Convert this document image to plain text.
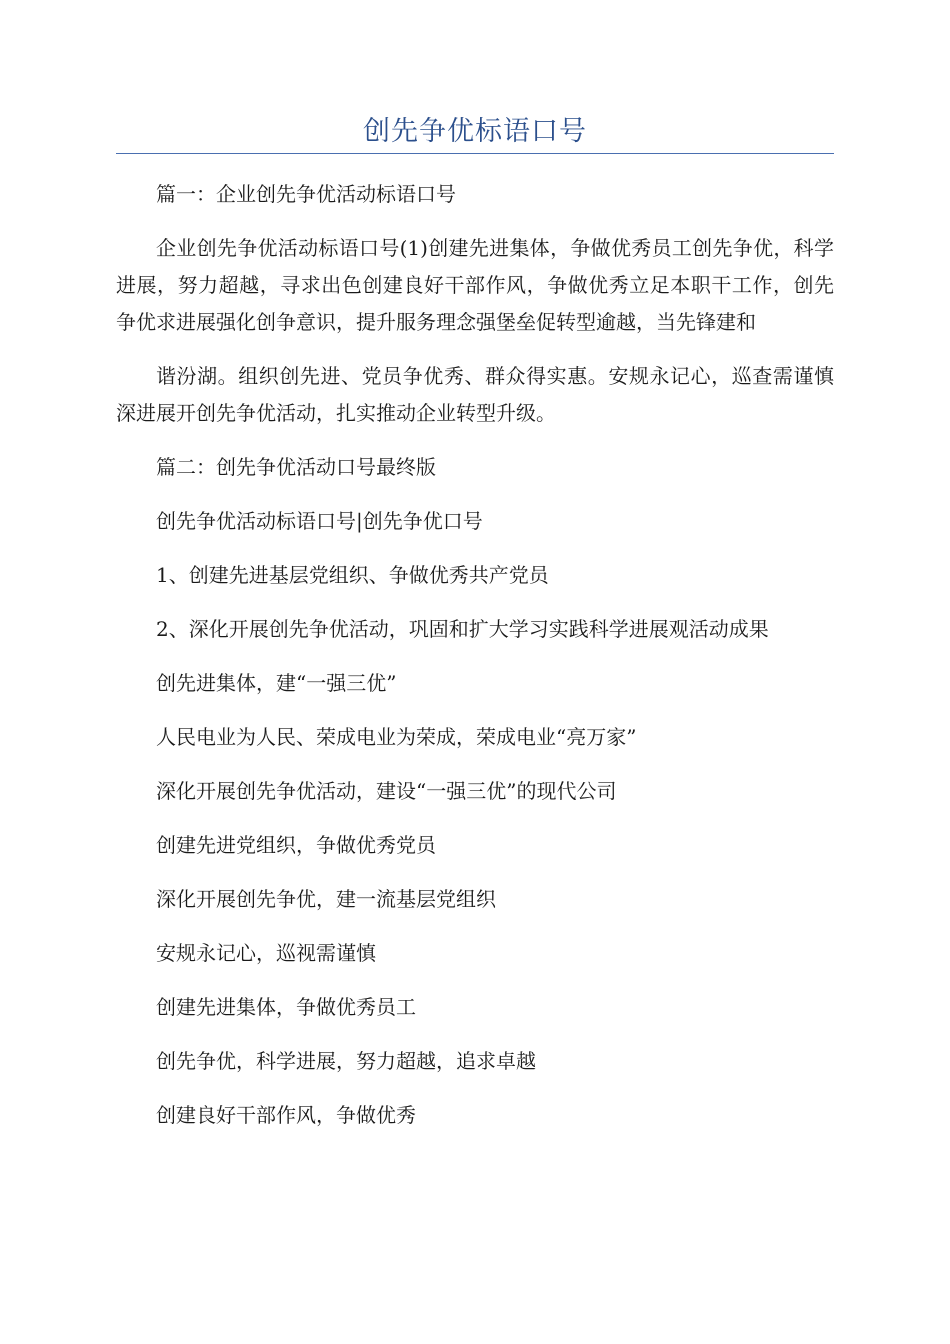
创先争优标语口号

篇一：企业创先争优活动标语口号

企业创先争优活动标语口号(1)创建先进集体，争做优秀员工创先争优，科学进展，努力超越，寻求出色创建良好干部作风，争做优秀立足本职干工作，创先争优求进展强化创争意识，提升服务理念强堡垒促转型逾越，当先锋建和

谐汾湖。组织创先进、党员争优秀、群众得实惠。安规永记心，巡查需谨慎深进展开创先争优活动，扎实推动企业转型升级。

篇二：创先争优活动口号最终版

创先争优活动标语口号|创先争优口号

1、创建先进基层党组织、争做优秀共产党员

2、深化开展创先争优活动，巩固和扩大学习实践科学进展观活动成果

创先进集体，建“一强三优”

人民电业为人民、荣成电业为荣成，荣成电业“亮万家”

深化开展创先争优活动，建设“一强三优”的现代公司

创建先进党组织，争做优秀党员

深化开展创先争优，建一流基层党组织

安规永记心，巡视需谨慎

创建先进集体，争做优秀员工

创先争优，科学进展，努力超越，追求卓越

创建良好干部作风，争做优秀
